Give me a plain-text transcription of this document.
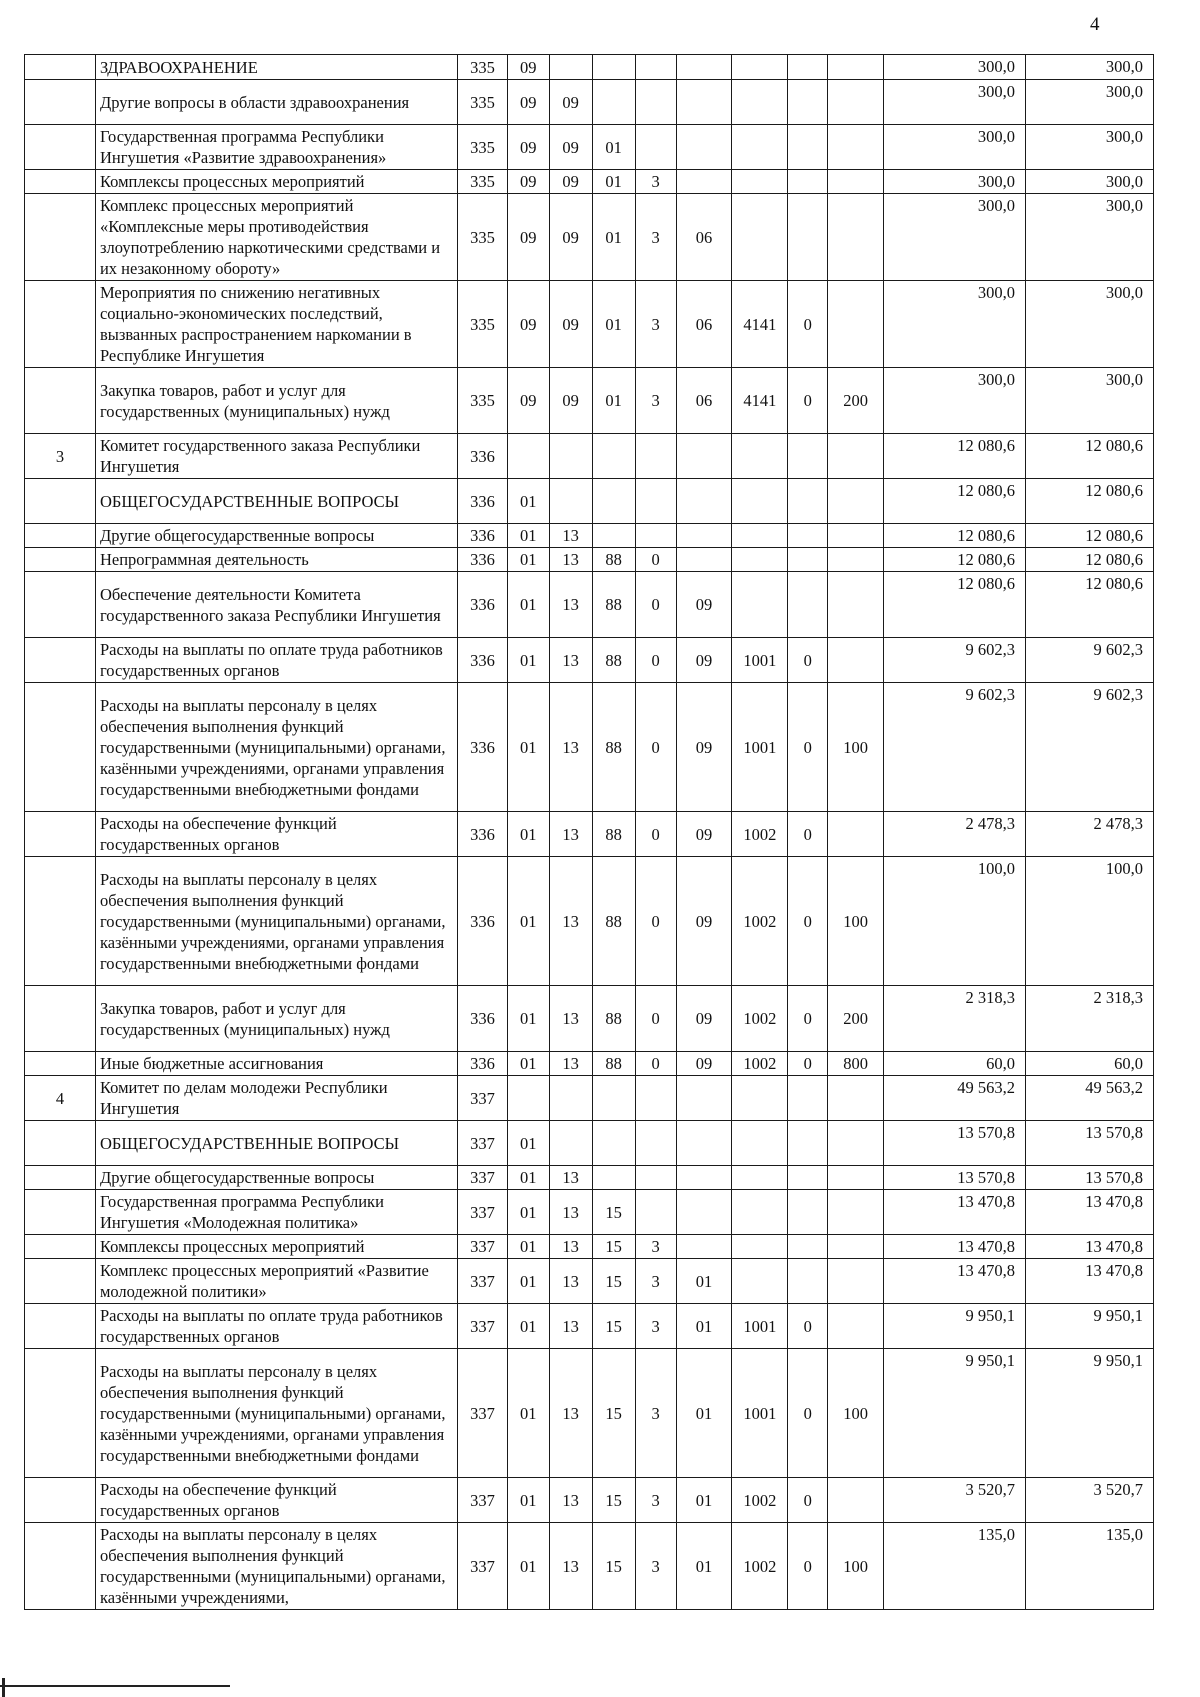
4
	ЗДРАВООХРАНЕНИЕ	335	09								300,0	300,0
	Другие вопросы в области здравоохранения	335	09	09							300,0	300,0
	Государственная программа Республики Ингушетия «Развитие здравоохранения»	335	09	09	01						300,0	300,0
	Комплексы процессных мероприятий	335	09	09	01	3					300,0	300,0
	Комплекс процессных мероприятий «Комплексные меры противодействия злоупотреблению наркотическими средствами и их незаконному обороту»	335	09	09	01	3	06				300,0	300,0
	Мероприятия по снижению негативных социально-экономических последствий, вызванных распространением наркомании в Республике Ингушетия	335	09	09	01	3	06	4141	0		300,0	300,0
	Закупка товаров, работ и услуг для государственных (муниципальных) нужд	335	09	09	01	3	06	4141	0	200	300,0	300,0
3	Комитет государственного заказа Республики Ингушетия	336									12 080,6	12 080,6
	ОБЩЕГОСУДАРСТВЕННЫЕ ВОПРОСЫ	336	01								12 080,6	12 080,6
	Другие общегосударственные вопросы	336	01	13							12 080,6	12 080,6
	Непрограммная деятельность	336	01	13	88	0					12 080,6	12 080,6
	Обеспечение деятельности Комитета государственного заказа Республики Ингушетия	336	01	13	88	0	09				12 080,6	12 080,6
	Расходы на выплаты по оплате труда работников государственных органов	336	01	13	88	0	09	1001	0		9 602,3	9 602,3
	Расходы на выплаты персоналу в целях обеспечения выполнения функций государственными (муниципальными) органами, казёнными учреждениями, органами управления государственными внебюджетными фондами	336	01	13	88	0	09	1001	0	100	9 602,3	9 602,3
	Расходы на обеспечение функций государственных органов	336	01	13	88	0	09	1002	0		2 478,3	2 478,3
	Расходы на выплаты персоналу в целях обеспечения выполнения функций государственными (муниципальными) органами, казёнными учреждениями, органами управления государственными внебюджетными фондами	336	01	13	88	0	09	1002	0	100	100,0	100,0
	Закупка товаров, работ и услуг для государственных (муниципальных) нужд	336	01	13	88	0	09	1002	0	200	2 318,3	2 318,3
	Иные бюджетные ассигнования	336	01	13	88	0	09	1002	0	800	60,0	60,0
4	Комитет по делам молодежи Республики Ингушетия	337									49 563,2	49 563,2
	ОБЩЕГОСУДАРСТВЕННЫЕ ВОПРОСЫ	337	01								13 570,8	13 570,8
	Другие общегосударственные вопросы	337	01	13							13 570,8	13 570,8
	Государственная программа Республики Ингушетия «Молодежная политика»	337	01	13	15						13 470,8	13 470,8
	Комплексы процессных мероприятий	337	01	13	15	3					13 470,8	13 470,8
	Комплекс процессных мероприятий «Развитие молодежной политики»	337	01	13	15	3	01				13 470,8	13 470,8
	Расходы на выплаты по оплате труда работников государственных органов	337	01	13	15	3	01	1001	0		9 950,1	9 950,1
	Расходы на выплаты персоналу в целях обеспечения выполнения функций государственными (муниципальными) органами, казёнными учреждениями, органами управления государственными внебюджетными фондами	337	01	13	15	3	01	1001	0	100	9 950,1	9 950,1
	Расходы на обеспечение функций государственных органов	337	01	13	15	3	01	1002	0		3 520,7	3 520,7
	Расходы на выплаты персоналу в целях обеспечения выполнения функций государственными (муниципальными) органами, казёнными учреждениями,	337	01	13	15	3	01	1002	0	100	135,0	135,0
